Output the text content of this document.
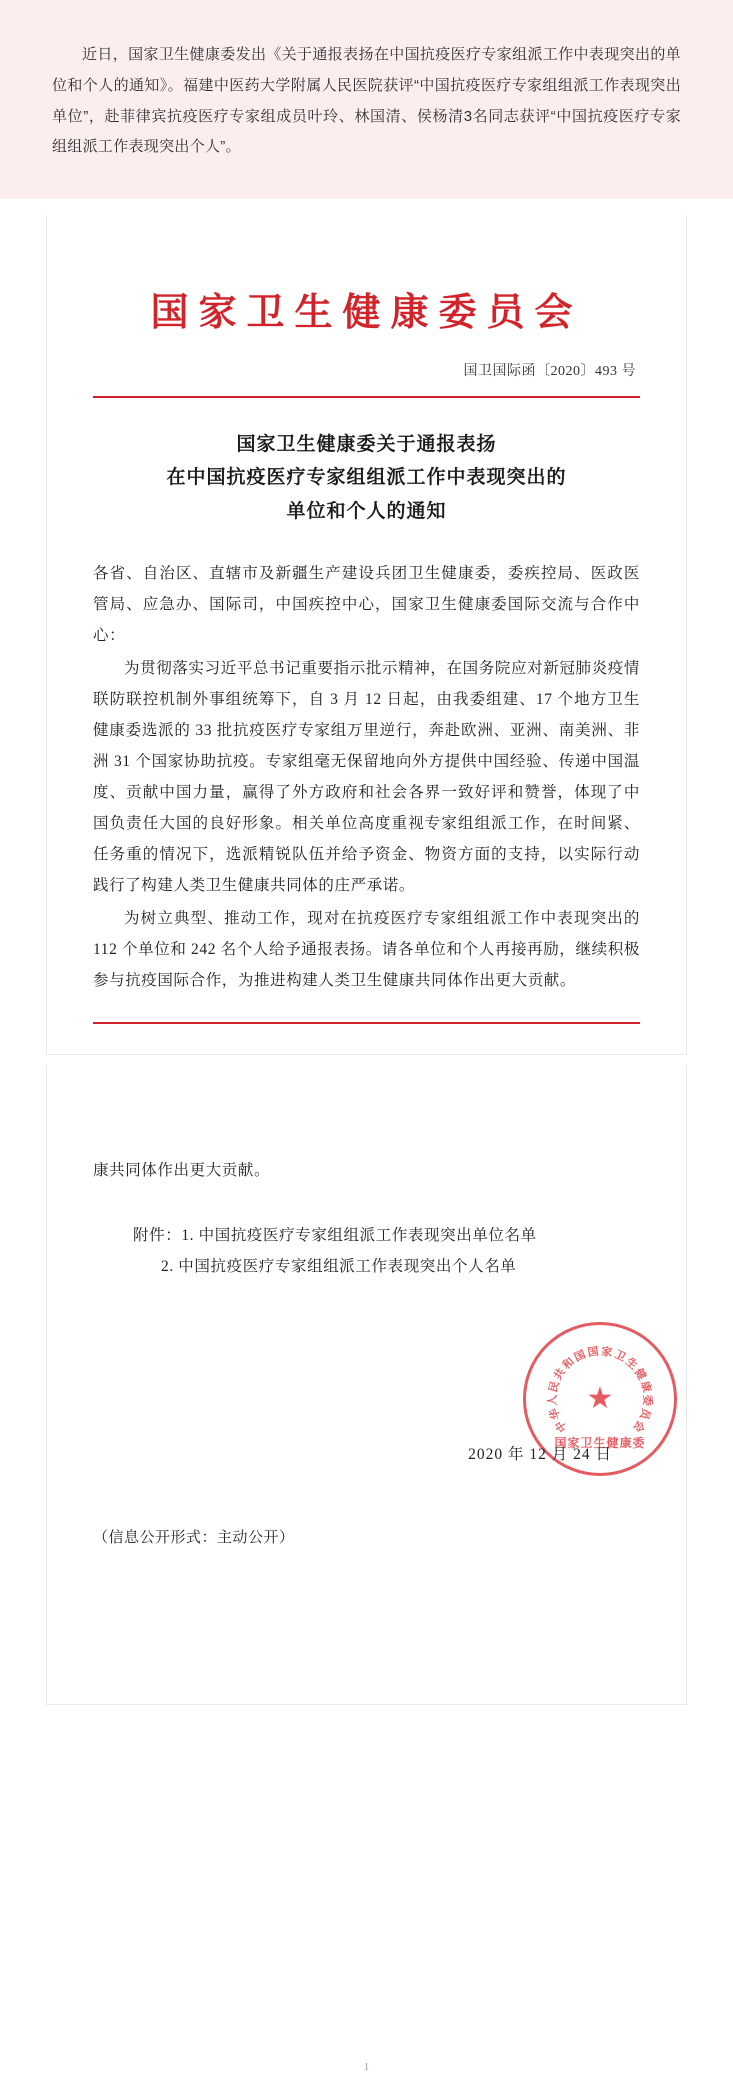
近日，国家卫生健康委发出《关于通报表扬在中国抗疫医疗专家组派工作中表现突出的单位和个人的通知》。福建中医药大学附属人民医院获评“中国抗疫医疗专家组组派工作表现突出单位”，赴菲律宾抗疫医疗专家组成员叶玲、林国清、侯杨清3名同志获评“中国抗疫医疗专家组组派工作表现突出个人”。
国家卫生健康委员会
国卫国际函〔2020〕493 号
国家卫生健康委关于通报表扬
在中国抗疫医疗专家组组派工作中表现突出的
单位和个人的通知

各省、自治区、直辖市及新疆生产建设兵团卫生健康委，委疾控局、医政医管局、应急办、国际司，中国疾控中心，国家卫生健康委国际交流与合作中心：

为贯彻落实习近平总书记重要指示批示精神，在国务院应对新冠肺炎疫情联防联控机制外事组统筹下，自 3 月 12 日起，由我委组建、17 个地方卫生健康委选派的 33 批抗疫医疗专家组万里逆行，奔赴欧洲、亚洲、南美洲、非洲 31 个国家协助抗疫。专家组毫无保留地向外方提供中国经验、传递中国温度、贡献中国力量，赢得了外方政府和社会各界一致好评和赞誉，体现了中国负责任大国的良好形象。相关单位高度重视专家组组派工作，在时间紧、任务重的情况下，选派精锐队伍并给予资金、物资方面的支持，以实际行动践行了构建人类卫生健康共同体的庄严承诺。

为树立典型、推动工作，现对在抗疫医疗专家组组派工作中表现突出的 112 个单位和 242 名个人给予通报表扬。请各单位和个人再接再励，继续积极参与抗疫国际合作，为推进构建人类卫生健康共同体作出更大贡献。

康共同体作出更大贡献。

附件：1. 中国抗疫医疗专家组组派工作表现突出单位名单

2. 中国抗疫医疗专家组组派工作表现突出个人名单

★
国家卫生健康委
中
华
人
民
共
和
国 国 家 卫
生
健
康
委
员
会
2020 年 12 月 24 日
（信息公开形式：主动公开）
1
